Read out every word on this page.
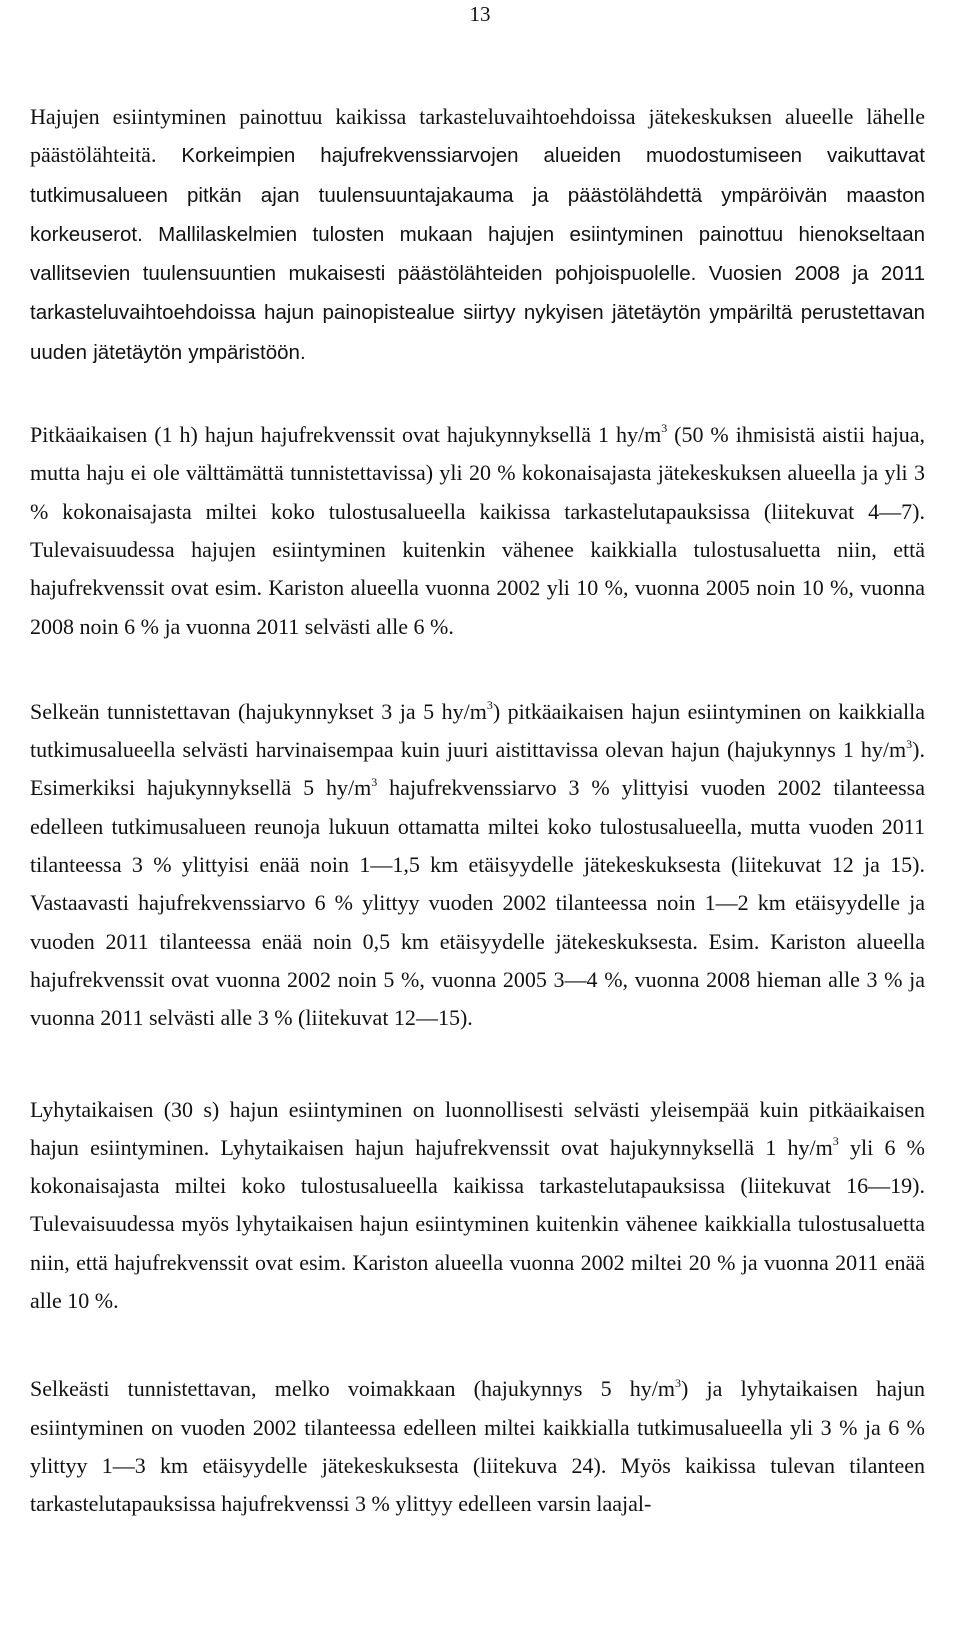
13

Hajujen esiintyminen painottuu kaikissa tarkasteluvaihtoehdoissa jätekeskuksen alueelle lähelle päästölähteitä. Korkeimpien hajufrekvenssiarvojen alueiden muodostumiseen vaikuttavat tutkimusalueen pitkän ajan tuulensuuntajakauma ja päästölähdettä ympäröivän maaston korkeuserot. Mallilaskelmien tulosten mukaan hajujen esiintyminen painottuu hienokseltaan vallitsevien tuulensuuntien mukaisesti päästölähteiden pohjoispuolelle. Vuosien 2008 ja 2011 tarkasteluvaihtoehdoissa hajun painopistealue siirtyy nykyisen jätetäytön ympäriltä perustettavan uuden jätetäytön ympäristöön.

Pitkäaikaisen (1 h) hajun hajufrekvenssit ovat hajukynnyksellä 1 $hy/m^3$ (50 % ihmisistä aistii hajua, mutta haju ei ole välttämättä tunnistettavissa) yli 20 % kokonaisajasta jätekeskuksen alueella ja yli 3 % kokonaisajasta miltei koko tulostusalueella kaikissa tarkastelutapauksissa (liitekuvat 4—7). Tulevaisuudessa hajujen esiintyminen kuitenkin vähenee kaikkialla tulostusaluetta niin, että hajufrekvenssit ovat esim. Kariston alueella vuonna 2002 yli 10 %, vuonna 2005 noin 10 %, vuonna 2008 noin 6 % ja vuonna 2011 selvästi alle 6 %.

Selkeän tunnistettavan (hajukynnykset 3 ja 5 $hy/m^3$) pitkäaikaisen hajun esiintyminen on kaikkialla tutkimusalueella selvästi harvinaisempaa kuin juuri aistittavissa olevan hajun (hajukynnys 1 $hy/m^3$). Esimerkiksi hajukynnyksellä 5 $hy/m^3$ hajufrekvenssiarvo 3 % ylittyisi vuoden 2002 tilanteessa edelleen tutkimusalueen reunoja lukuun ottamatta miltei koko tulostusalueella, mutta vuoden 2011 tilanteessa 3 % ylittyisi enää noin 1—1,5 km etäisyydelle jätekeskuksesta (liitekuvat 12 ja 15). Vastaavasti hajufrekvenssiarvo 6 % ylittyy vuoden 2002 tilanteessa noin 1—2 km etäisyydelle ja vuoden 2011 tilanteessa enää noin 0,5 km etäisyydelle jätekeskuksesta. Esim. Kariston alueella hajufrekvenssit ovat vuonna 2002 noin 5 %, vuonna 2005 3—4 %, vuonna 2008 hieman alle 3 % ja vuonna 2011 selvästi alle 3 % (liitekuvat 12—15).

Lyhytaikaisen (30 s) hajun esiintyminen on luonnollisesti selvästi yleisempää kuin pitkäaikaisen hajun esiintyminen. Lyhytaikaisen hajun hajufrekvenssit ovat hajukynnyksellä 1 $hy/m^3$ yli 6 % kokonaisajasta miltei koko tulostusalueella kaikissa tarkastelutapauksissa (liitekuvat 16—19). Tulevaisuudessa myös lyhytaikaisen hajun esiintyminen kuitenkin vähenee kaikkialla tulostusaluetta niin, että hajufrekvenssit ovat esim. Kariston alueella vuonna 2002 miltei 20 % ja vuonna 2011 enää alle 10 %.

Selkeästi tunnistettavan, melko voimakkaan (hajukynnys 5 $hy/m^3$) ja lyhytaikaisen hajun esiintyminen on vuoden 2002 tilanteessa edelleen miltei kaikkialla tutkimusalueella yli 3 % ja 6 % ylittyy 1—3 km etäisyydelle jätekeskuksesta (liitekuva 24). Myös kaikissa tulevan tilanteen tarkastelutapauksissa hajufrekvenssi 3 % ylittyy edelleen varsin laajal-
